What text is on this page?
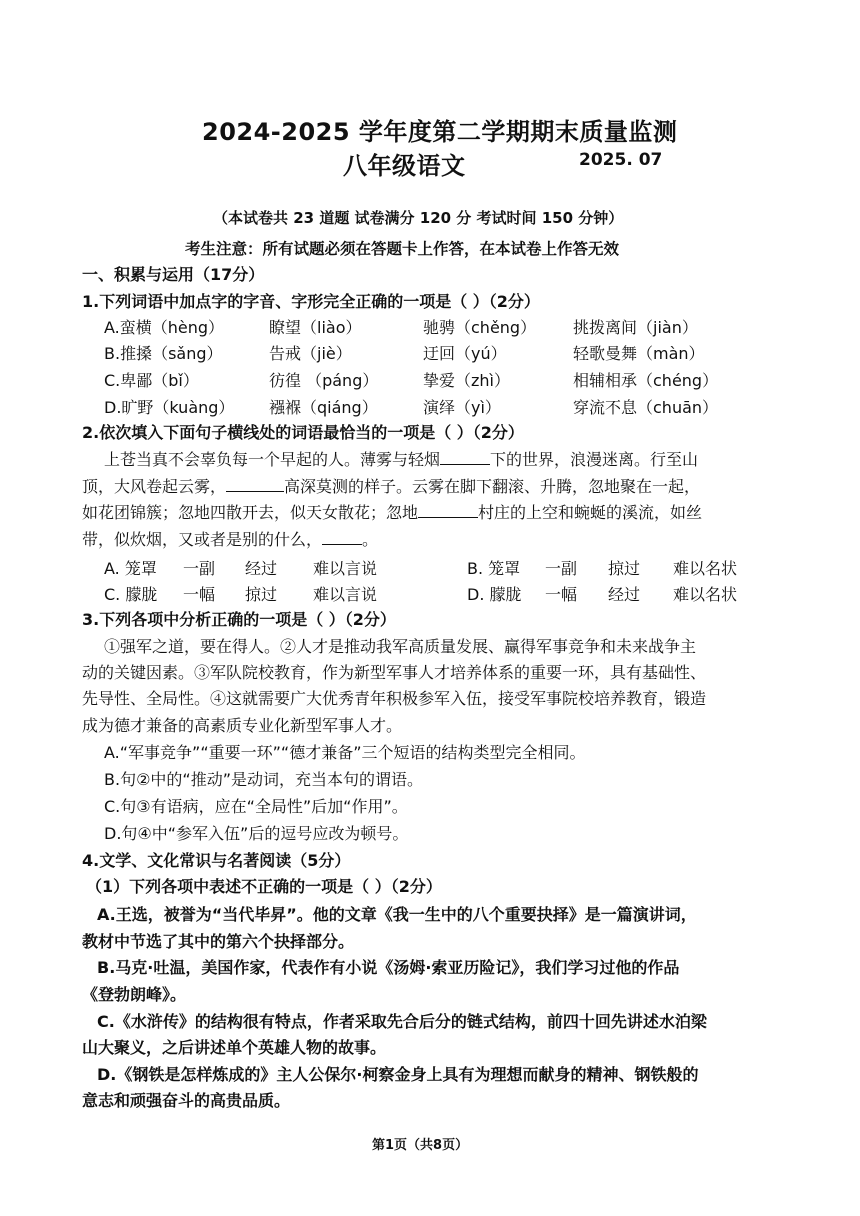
2024-2025 学年度第二学期期末质量监测
八年级语文	2025. 07
（本试卷共 23 道题 试卷满分 120 分 考试时间 150 分钟）
考生注意：所有试题必须在答题卡上作答，在本试卷上作答无效
一、积累与运用（17分）
1.下列词语中加点字的字音、字形完全正确的一项是（ ）（2分）
A.蛮横（hèng）	瞭望（liào）	驰骋（chěng） 挑拨离间（jiàn）
B.推搡（sǎng）	告戒（jiè）	迂回（yú）	轻歌曼舞（màn）
C.卑鄙（bǐ）	彷徨 （páng）	挚爱（zhì）	相辅相承（chéng）
D.旷野（kuàng） 襁褓（qiáng）	演绎（yì）	穿流不息（chuān）
2.依次填入下面句子横线处的词语最恰当的一项是（ ）（2分）
上苍当真不会辜负每一个早起的人。薄雾与轻烟	下的世界，浪漫迷离。行至山
顶，大风卷起云雾，	高深莫测的样子。云雾在脚下翻滚、升腾，忽地聚在一起，
如花团锦簇；忽地四散开去，似天女散花；忽地	村庄的上空和蜿蜒的溪流，如丝
带，似炊烟，又或者是别的什么，	。
A. 笼罩 一副 经过 难以言说	B. 笼罩 一副 掠过 难以名状
C. 朦胧 一幅 掠过 难以言说	D. 朦胧 一幅 经过 难以名状
3.下列各项中分析正确的一项是（ ）（2分）
①强军之道，要在得人。②人才是推动我军高质量发展、赢得军事竞争和未来战争主
动的关键因素。③军队院校教育，作为新型军事人才培养体系的重要一环，具有基础性、
先导性、全局性。④这就需要广大优秀青年积极参军入伍，接受军事院校培养教育，锻造
成为德才兼备的高素质专业化新型军事人才。
A.“军事竞争”“重要一环”“德才兼备”三个短语的结构类型完全相同。
B.句②中的“推动”是动词，充当本句的谓语。
C.句③有语病，应在“全局性”后加“作用”。
D.句④中“参军入伍”后的逗号应改为顿号。
4.文学、文化常识与名著阅读（5分）
（1）下列各项中表述不正确的一项是（ ）（2分）
A.王选，被誉为“当代毕昇”。他的文章《我一生中的八个重要抉择》是一篇演讲词，
教材中节选了其中的第六个抉择部分。
B.马克·吐温，美国作家，代表作有小说《汤姆·索亚历险记》，我们学习过他的作品
《登勃朗峰》。
C.《水浒传》的结构很有特点，作者采取先合后分的链式结构，前四十回先讲述水泊梁
山大聚义，之后讲述单个英雄人物的故事。
D.《钢铁是怎样炼成的》主人公保尔·柯察金身上具有为理想而献身的精神、钢铁般的
意志和顽强奋斗的高贵品质。
第1页（共8页）
